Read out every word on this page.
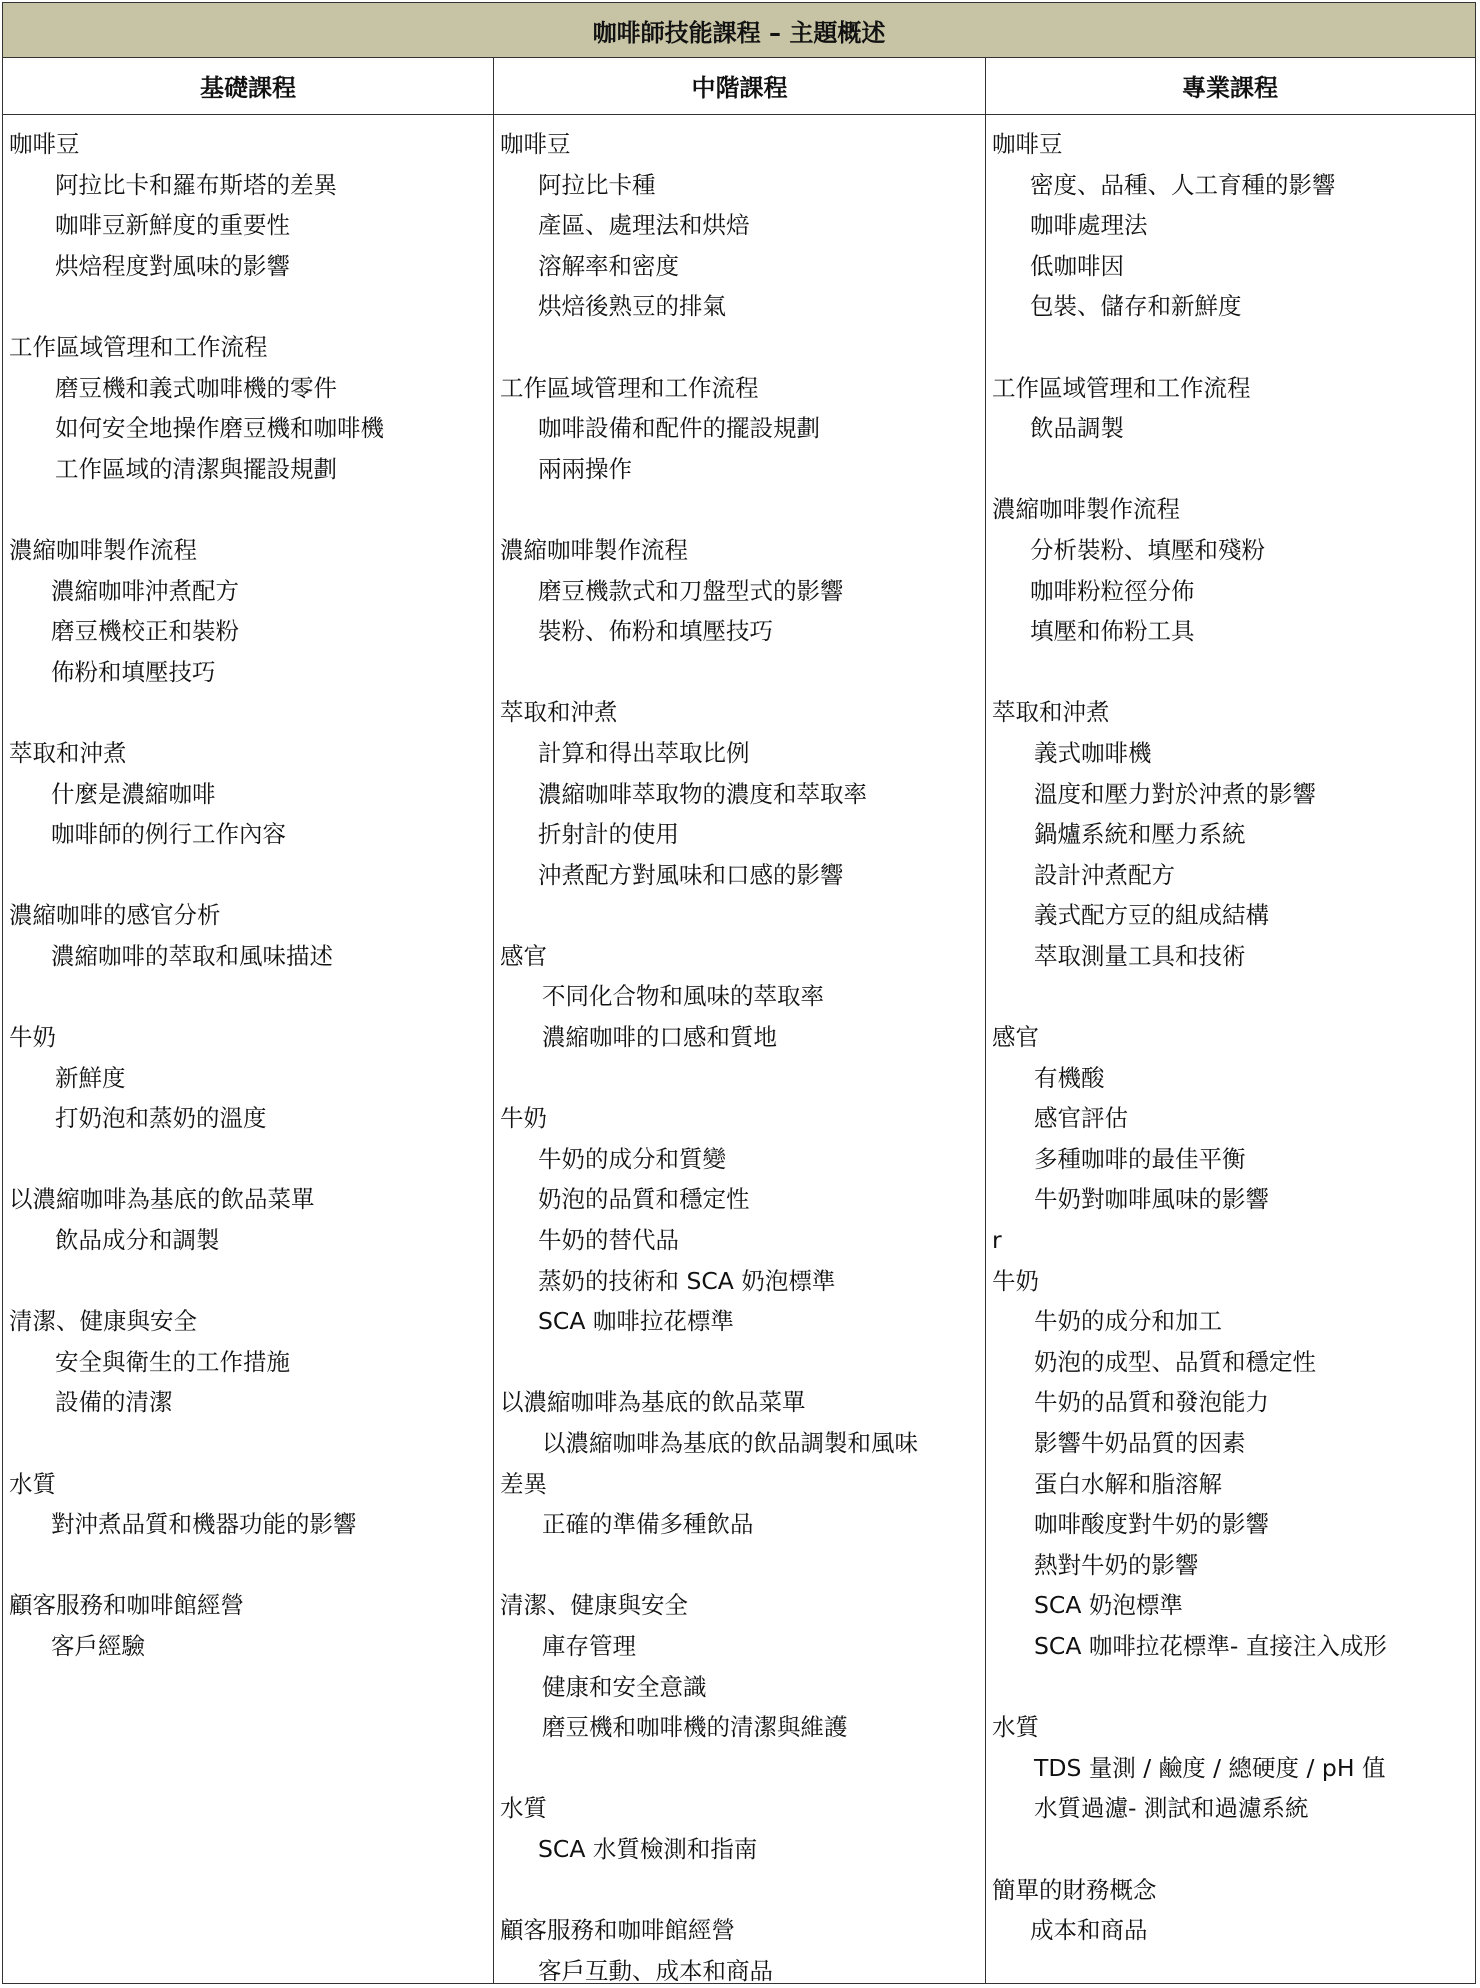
咖啡師技能課程 – 主題概述
基礎課程	中階課程	專業課程
咖啡豆
阿拉比卡和羅布斯塔的差異
咖啡豆新鮮度的重要性
烘焙程度對風味的影響
工作區域管理和工作流程
磨豆機和義式咖啡機的零件
如何安全地操作磨豆機和咖啡機
工作區域的清潔與擺設規劃
濃縮咖啡製作流程
濃縮咖啡沖煮配方
磨豆機校正和裝粉
佈粉和填壓技巧
萃取和沖煮
什麼是濃縮咖啡
咖啡師的例行工作內容
濃縮咖啡的感官分析
濃縮咖啡的萃取和風味描述
牛奶
新鮮度
打奶泡和蒸奶的溫度
以濃縮咖啡為基底的飲品菜單
飲品成分和調製
清潔、健康與安全
安全與衛生的工作措施
設備的清潔
水質
對沖煮品質和機器功能的影響
顧客服務和咖啡館經營
客戶經驗
咖啡豆
阿拉比卡種
產區、處理法和烘焙
溶解率和密度
烘焙後熟豆的排氣
工作區域管理和工作流程
咖啡設備和配件的擺設規劃
兩兩操作
濃縮咖啡製作流程
磨豆機款式和刀盤型式的影響
裝粉、佈粉和填壓技巧
萃取和沖煮
計算和得出萃取比例
濃縮咖啡萃取物的濃度和萃取率
折射計的使用
沖煮配方對風味和口感的影響
感官
不同化合物和風味的萃取率
濃縮咖啡的口感和質地
牛奶
牛奶的成分和質變
奶泡的品質和穩定性
牛奶的替代品
蒸奶的技術和 SCA 奶泡標準
SCA 咖啡拉花標準
以濃縮咖啡為基底的飲品菜單
以濃縮咖啡為基底的飲品調製和風味
差異
正確的準備多種飲品
清潔、健康與安全
庫存管理
健康和安全意識
磨豆機和咖啡機的清潔與維護
水質
SCA 水質檢測和指南
顧客服務和咖啡館經營
客戶互動、成本和商品
咖啡豆
密度、品種、人工育種的影響
咖啡處理法
低咖啡因
包裝、儲存和新鮮度
工作區域管理和工作流程
飲品調製
濃縮咖啡製作流程
分析裝粉、填壓和殘粉
咖啡粉粒徑分佈
填壓和佈粉工具
萃取和沖煮
義式咖啡機
溫度和壓力對於沖煮的影響
鍋爐系統和壓力系統
設計沖煮配方
義式配方豆的組成結構
萃取測量工具和技術
感官
有機酸
感官評估
多種咖啡的最佳平衡
牛奶對咖啡風味的影響
r
牛奶
牛奶的成分和加工
奶泡的成型、品質和穩定性
牛奶的品質和發泡能力
影響牛奶品質的因素
蛋白水解和脂溶解
咖啡酸度對牛奶的影響
熱對牛奶的影響
SCA 奶泡標準
SCA 咖啡拉花標準- 直接注入成形
水質
TDS 量測 / 鹼度 / 總硬度 / pH 值
水質過濾- 測試和過濾系統
簡單的財務概念
成本和商品
